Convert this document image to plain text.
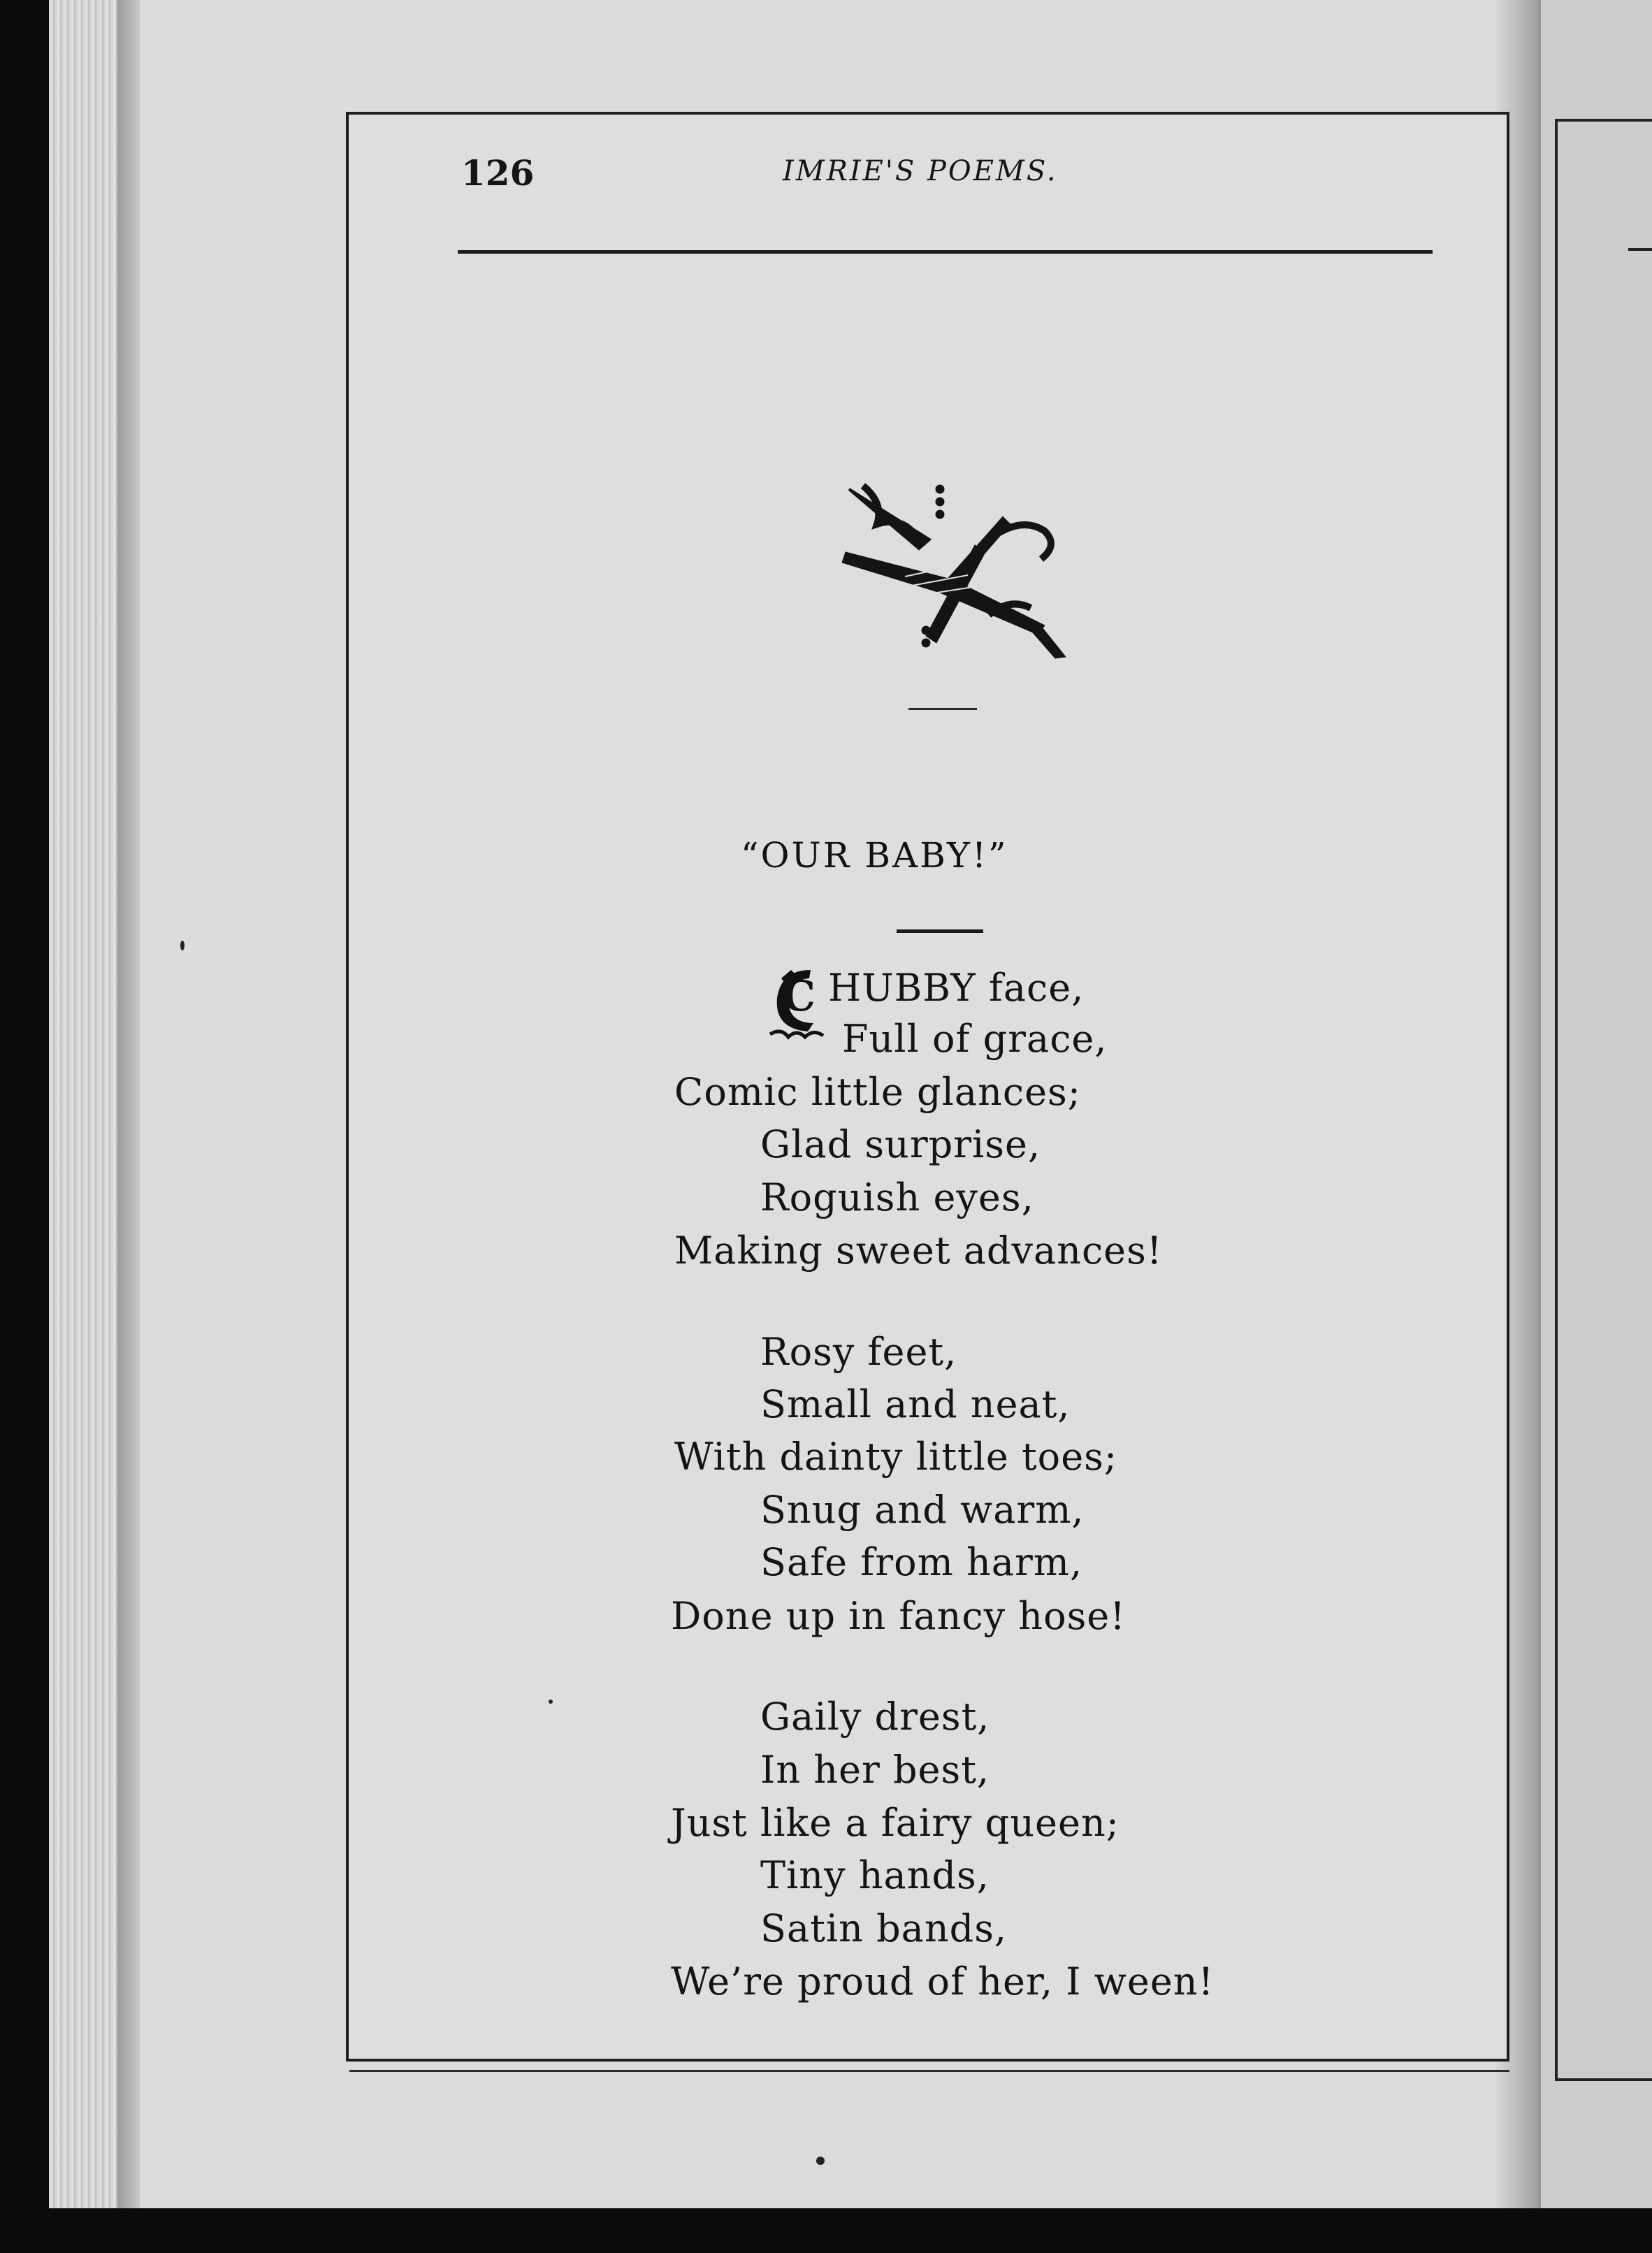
126	IMRIE'S POEMS.
“OUR BABY!”
C HUBBY face,
Full of grace,
Comic little glances;
Glad surprise,
Roguish eyes,
Making sweet advances!
Rosy feet,
Small and neat,
With dainty little toes;
Snug and warm,
Safe from harm,
Done up in fancy hose!
Gaily drest,
In her best,
Just like a fairy queen;
Tiny hands,
Satin bands,
We’re proud of her, I ween!
